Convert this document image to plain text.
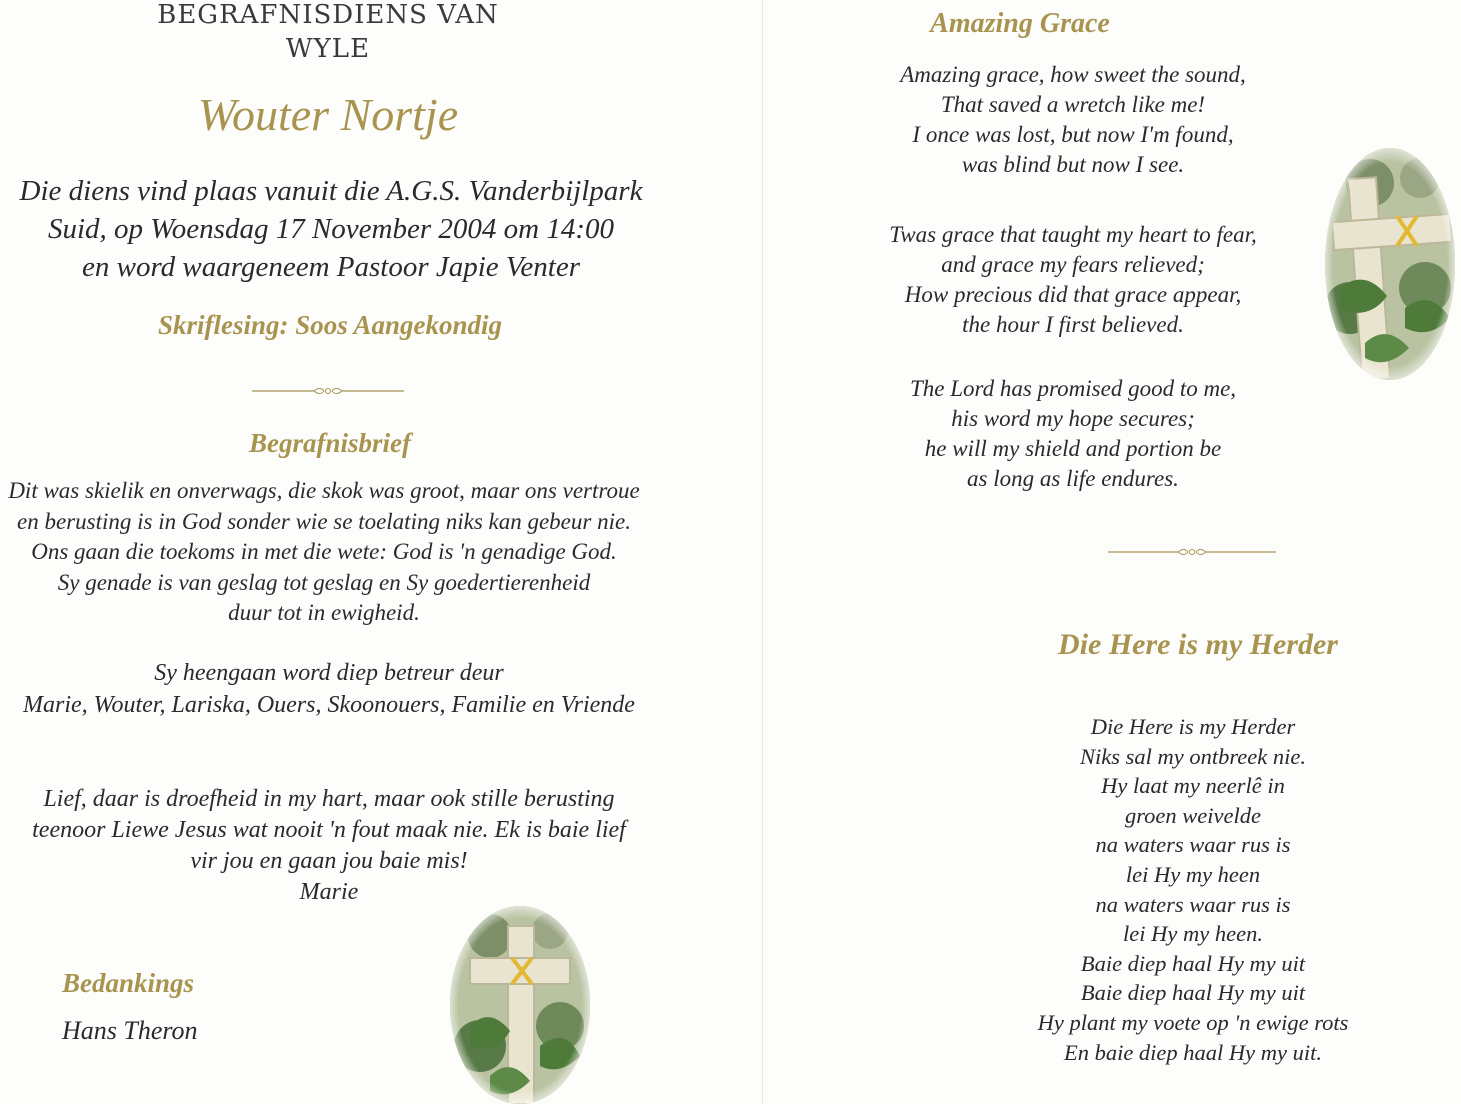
BEGRAFNISDIENS VAN
WYLE
Wouter Nortje
Die diens vind plaas vanuit die A.G.S. Vanderbijlpark
Suid, op Woensdag 17 November 2004 om 14:00
en word waargeneem Pastoor Japie Venter
Skriflesing: Soos Aangekondig
Begrafnisbrief
Dit was skielik en onverwags, die skok was groot, maar ons vertroue
en berusting is in God sonder wie se toelating niks kan gebeur nie.
Ons gaan die toekoms in met die wete: God is 'n genadige God.
Sy genade is van geslag tot geslag en Sy goedertierenheid
duur tot in ewigheid.
Sy heengaan word diep betreur deur
Marie, Wouter, Lariska, Ouers, Skoonouers, Familie en Vriende
Lief, daar is droefheid in my hart, maar ook stille berusting
teenoor Liewe Jesus wat nooit 'n fout maak nie. Ek is baie lief
vir jou en gaan jou baie mis!
Marie
Bedankings
Hans Theron
Amazing Grace
Amazing grace, how sweet the sound,
That saved a wretch like me!
I once was lost, but now I'm found,
was blind but now I see.
Twas grace that taught my heart to fear,
and grace my fears relieved;
How precious did that grace appear,
the hour I first believed.
The Lord has promised good to me,
his word my hope secures;
he will my shield and portion be
as long as life endures.
Die Here is my Herder
Die Here is my Herder
Niks sal my ontbreek nie.
Hy laat my neerlê in
groen weivelde
na waters waar rus is
lei Hy my heen
na waters waar rus is
lei Hy my heen.
Baie diep haal Hy my uit
Baie diep haal Hy my uit
Hy plant my voete op 'n ewige rots
En baie diep haal Hy my uit.
